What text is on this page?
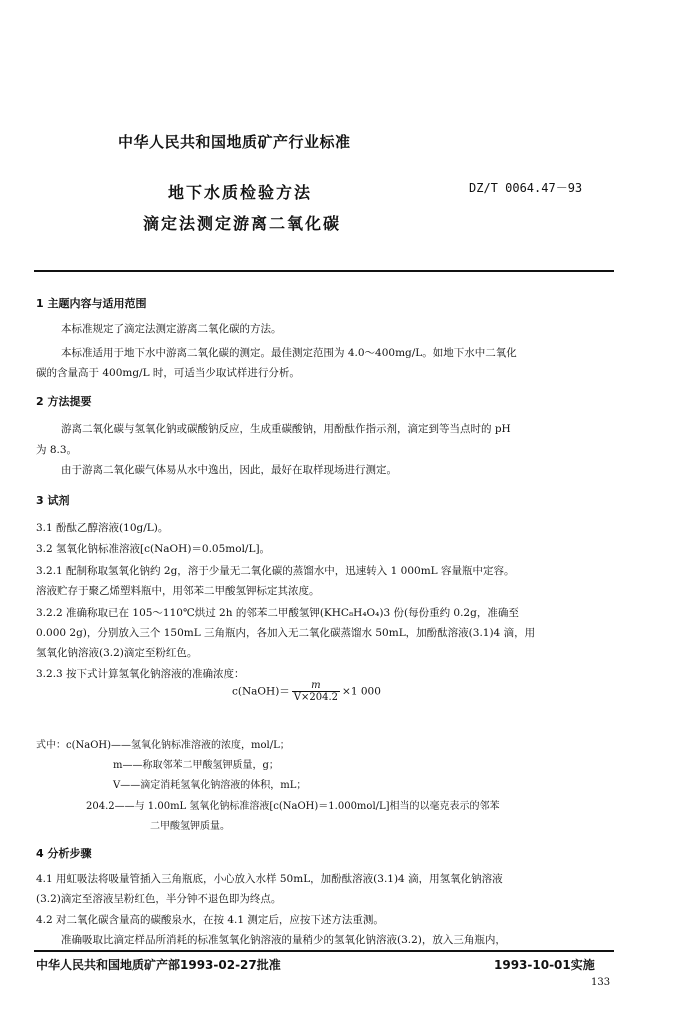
中华人民共和国地质矿产行业标准
地下水质检验方法
滴定法测定游离二氧化碳
DZ/T 0064.47－93
1 主题内容与适用范围
本标准规定了滴定法测定游离二氧化碳的方法。
本标准适用于地下水中游离二氧化碳的测定。最佳测定范围为 4.0～400mg/L。如地下水中二氧化
碳的含量高于 400mg/L 时，可适当少取试样进行分析。
2 方法提要
游离二氧化碳与氢氧化钠或碳酸钠反应，生成重碳酸钠，用酚酞作指示剂，滴定到等当点时的 pH
为 8.3。
由于游离二氧化碳气体易从水中逸出，因此，最好在取样现场进行测定。
3 试剂
3.1 酚酞乙醇溶液(10g/L)。
3.2 氢氧化钠标准溶液[c(NaOH)＝0.05mol/L]。
3.2.1 配制称取氢氧化钠约 2g，溶于少量无二氧化碳的蒸馏水中，迅速转入 1 000mL 容量瓶中定容。
溶液贮存于聚乙烯塑料瓶中，用邻苯二甲酸氢钾标定其浓度。
3.2.2 准确称取已在 105～110℃烘过 2h 的邻苯二甲酸氢钾(KHC₈H₄O₄)3 份(每份重约 0.2g，准确至
0.000 2g)，分别放入三个 150mL 三角瓶内，各加入无二氧化碳蒸馏水 50mL，加酚酞溶液(3.1)4 滴，用
氢氧化钠溶液(3.2)滴定至粉红色。
3.2.3 按下式计算氢氧化钠溶液的准确浓度：
c(NaOH)＝ $\frac{m}{V\times 204.2} \times 1$ 000
式中：c(NaOH)——氢氧化钠标准溶液的浓度，mol/L；
m——称取邻苯二甲酸氢钾质量，g；
V——滴定消耗氢氧化钠溶液的体积，mL；
204.2——与 1.00mL 氢氧化钠标准溶液[c(NaOH)＝1.000mol/L]相当的以毫克表示的邻苯
二甲酸氢钾质量。
4 分析步骤
4.1 用虹吸法将吸量管插入三角瓶底，小心放入水样 50mL，加酚酞溶液(3.1)4 滴，用氢氧化钠溶液
(3.2)滴定至溶液呈粉红色，半分钟不退色即为终点。
4.2 对二氧化碳含量高的碳酸泉水，在按 4.1 测定后，应按下述方法重测。
准确吸取比滴定样品所消耗的标准氢氧化钠溶液的量稍少的氢氧化钠溶液(3.2)，放入三角瓶内，
中华人民共和国地质矿产部1993-02-27批准	1993-10-01实施
133
